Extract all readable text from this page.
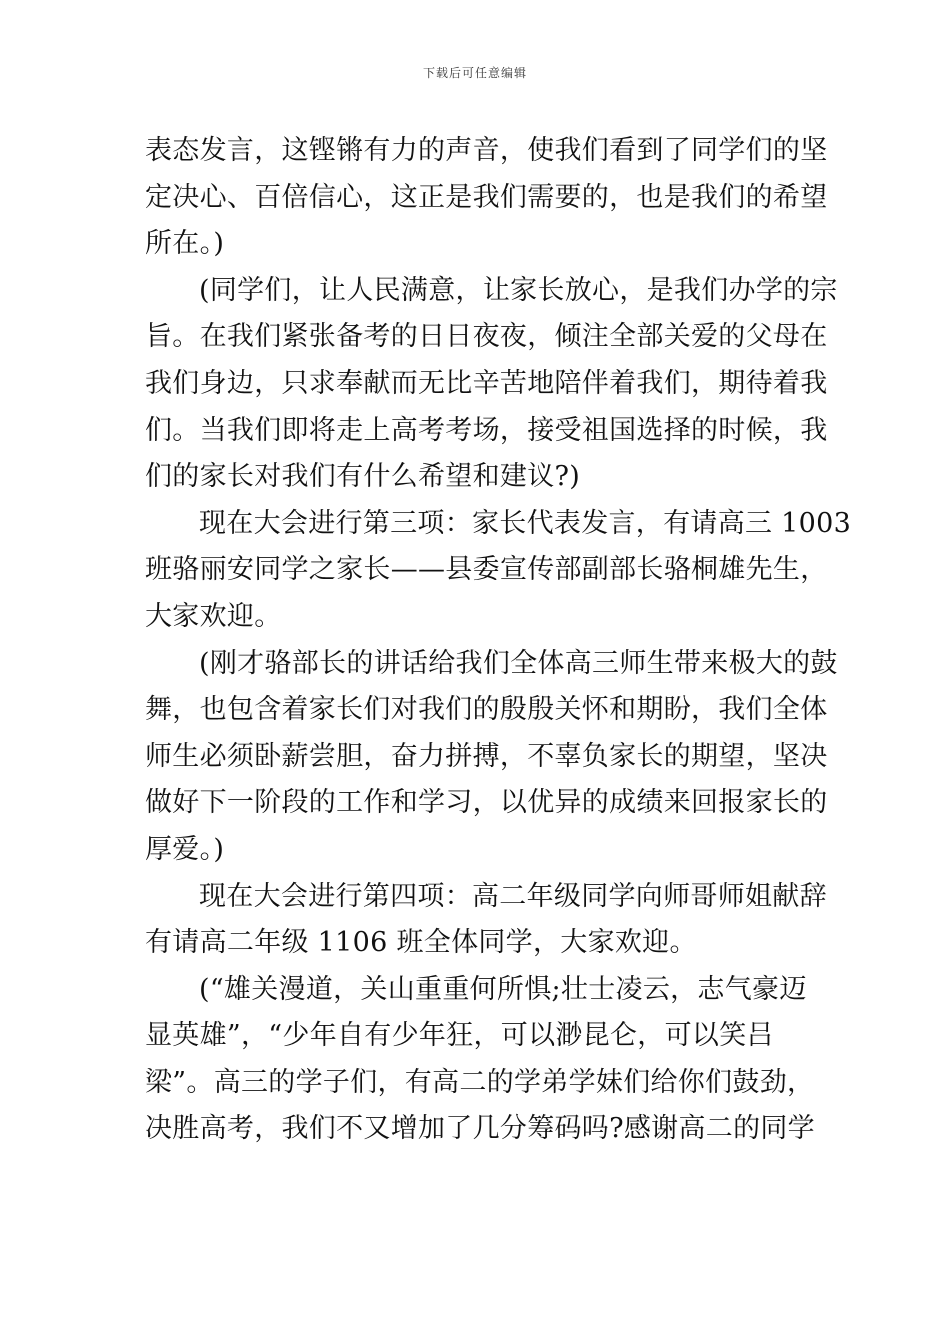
下载后可任意编辑
表态发言，这铿锵有力的声音，使我们看到了同学们的坚
定决心、百倍信心，这正是我们需要的，也是我们的希望
所在。)
(同学们，让人民满意，让家长放心，是我们办学的宗
旨。在我们紧张备考的日日夜夜，倾注全部关爱的父母在
我们身边，只求奉献而无比辛苦地陪伴着我们，期待着我
们。当我们即将走上高考考场，接受祖国选择的时候，我
们的家长对我们有什么希望和建议?)
现在大会进行第三项：家长代表发言，有请高三 1003
班骆丽安同学之家长——县委宣传部副部长骆桐雄先生，
大家欢迎。
(刚才骆部长的讲话给我们全体高三师生带来极大的鼓
舞，也包含着家长们对我们的殷殷关怀和期盼，我们全体
师生必须卧薪尝胆，奋力拼搏，不辜负家长的期望，坚决
做好下一阶段的工作和学习，以优异的成绩来回报家长的
厚爱。)
现在大会进行第四项：高二年级同学向师哥师姐献辞
有请高二年级 1106 班全体同学，大家欢迎。
(“雄关漫道，关山重重何所惧;壮士凌云，志气豪迈
显英雄”，“少年自有少年狂，可以渺昆仑，可以笑吕
梁”。高三的学子们，有高二的学弟学妹们给你们鼓劲，
决胜高考，我们不又增加了几分筹码吗?感谢高二的同学
